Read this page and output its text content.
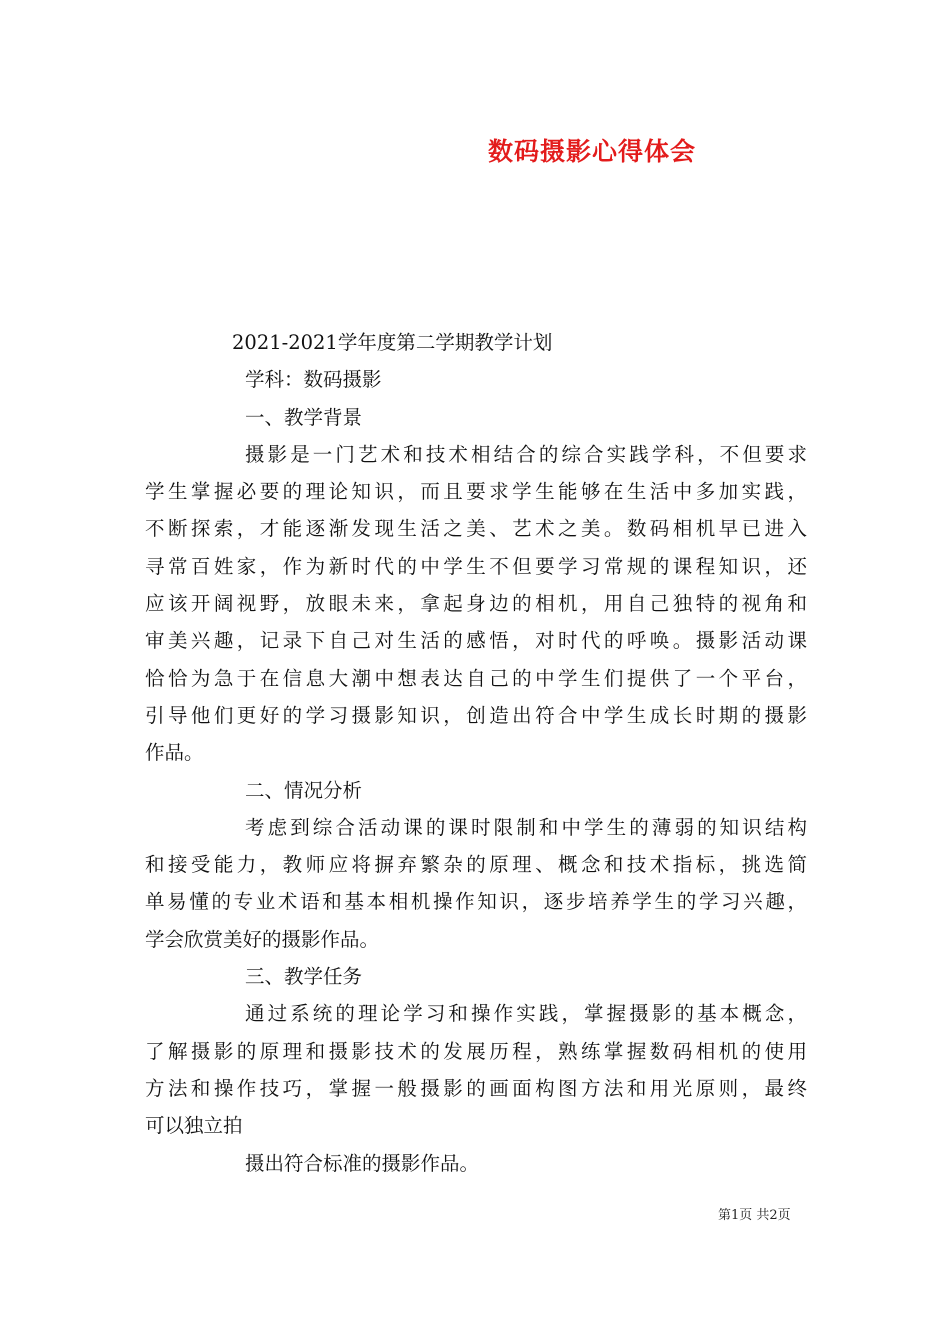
数码摄影心得体会
2021-2021学年度第二学期教学计划
学科：数码摄影
一、教学背景
摄影是一门艺术和技术相结合的综合实践学科，不但要求
学生掌握必要的理论知识，而且要求学生能够在生活中多加实践，
不断探索，才能逐渐发现生活之美、艺术之美。数码相机早已进入
寻常百姓家，作为新时代的中学生不但要学习常规的课程知识，还
应该开阔视野，放眼未来，拿起身边的相机，用自己独特的视角和
审美兴趣，记录下自己对生活的感悟，对时代的呼唤。摄影活动课
恰恰为急于在信息大潮中想表达自己的中学生们提供了一个平台，
引导他们更好的学习摄影知识，创造出符合中学生成长时期的摄影
作品。
二、情况分析
考虑到综合活动课的课时限制和中学生的薄弱的知识结构
和接受能力，教师应将摒弃繁杂的原理、概念和技术指标，挑选简
单易懂的专业术语和基本相机操作知识，逐步培养学生的学习兴趣，
学会欣赏美好的摄影作品。
三、教学任务
通过系统的理论学习和操作实践，掌握摄影的基本概念，
了解摄影的原理和摄影技术的发展历程，熟练掌握数码相机的使用
方法和操作技巧，掌握一般摄影的画面构图方法和用光原则，最终
可以独立拍
摄出符合标准的摄影作品。
第1页 共2页
